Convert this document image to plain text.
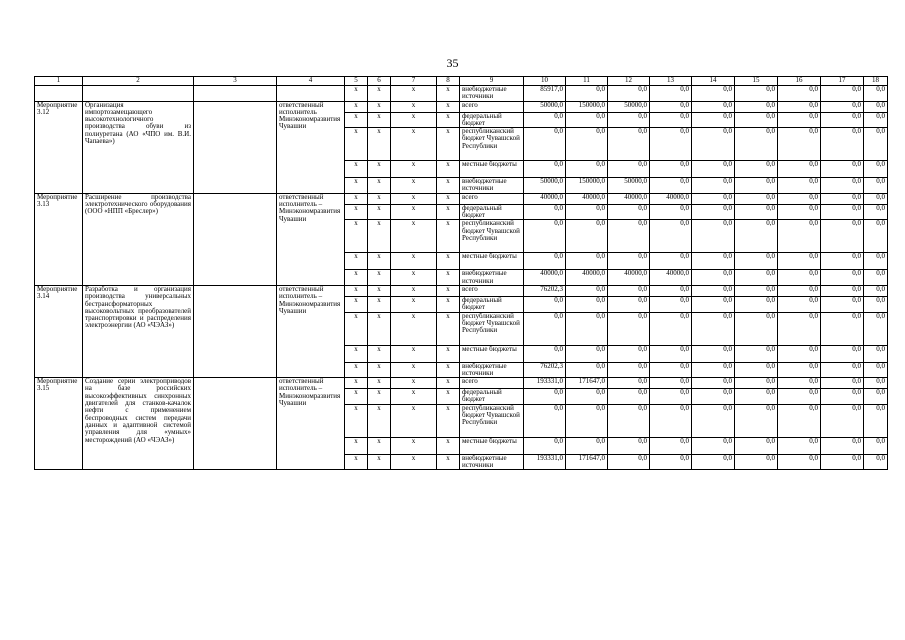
35
1	2	3	4	5	6	7	8	9	10	11	12	13	14	15	16	17	18
				x	x	x	x	внебюджетные источники	85917,0	0,0	0,0	0,0	0,0	0,0	0,0	0,0	0,0
Мероприятие 3.12	Организация импортозамещающего высокотехнологичного производства обуви из полиуретана (АО «ЧПО им. В.И. Чапаева»)		ответственный исполнитель Минэкономразвития Чувашии	x	x	x	x	всего	50000,0	150000,0	50000,0	0,0	0,0	0,0	0,0	0,0	0,0
				x	x	x	x	федеральный бюджет	0,0	0,0	0,0	0,0	0,0	0,0	0,0	0,0	0,0
				x	x	x	x	республиканский бюджет Чувашской Республики	0,0	0,0	0,0	0,0	0,0	0,0	0,0	0,0	0,0
				x	x	x	x	местные бюджеты	0,0	0,0	0,0	0,0	0,0	0,0	0,0	0,0	0,0
				x	x	x	x	внебюджетные источники	50000,0	150000,0	50000,0	0,0	0,0	0,0	0,0	0,0	0,0
Мероприятие 3.13	Расширение производства электротехнического оборудования (ООО «НПП «Бреслер»)		ответственный исполнитель – Минэкономразвития Чувашии	x	x	x	x	всего	40000,0	40000,0	40000,0	40000,0	0,0	0,0	0,0	0,0	0,0
				x	x	x	x	федеральный бюджет	0,0	0,0	0,0	0,0	0,0	0,0	0,0	0,0	0,0
				x	x	x	x	республиканский бюджет Чувашской Республики	0,0	0,0	0,0	0,0	0,0	0,0	0,0	0,0	0,0
				x	x	x	x	местные бюджеты	0,0	0,0	0,0	0,0	0,0	0,0	0,0	0,0	0,0
				x	x	x	x	внебюджетные источники	40000,0	40000,0	40000,0	40000,0	0,0	0,0	0,0	0,0	0,0
Мероприятие 3.14	Разработка и организация производства универсальных бестрансформаторных высоковольтных преобразователей транспортировки и распределения электроэнергии (АО «ЧЭАЗ»)		ответственный исполнитель – Минэкономразвития Чувашии	x	x	x	x	всего	76202,3	0,0	0,0	0,0	0,0	0,0	0,0	0,0	0,0
				x	x	x	x	федеральный бюджет	0,0	0,0	0,0	0,0	0,0	0,0	0,0	0,0	0,0
				x	x	x	x	республиканский бюджет Чувашской Республики	0,0	0,0	0,0	0,0	0,0	0,0	0,0	0,0	0,0
				x	x	x	x	местные бюджеты	0,0	0,0	0,0	0,0	0,0	0,0	0,0	0,0	0,0
				x	x	x	x	внебюджетные источники	76202,3	0,0	0,0	0,0	0,0	0,0	0,0	0,0	0,0
Мероприятие 3.15	Создание серии электроприводов на базе российских высокоэффективных синхронных двигателей для станков-качалок нефти с применением беспроводных систем передачи данных и адаптивной системой управления для «умных» месторождений (АО «ЧЭАЗ»)		ответственный исполнитель – Минэкономразвития Чувашии	x	x	x	x	всего	193331,0	171647,0	0,0	0,0	0,0	0,0	0,0	0,0	0,0
				x	x	x	x	федеральный бюджет	0,0	0,0	0,0	0,0	0,0	0,0	0,0	0,0	0,0
				x	x	x	x	республиканский бюджет Чувашской Республики	0,0	0,0	0,0	0,0	0,0	0,0	0,0	0,0	0,0
				x	x	x	x	местные бюджеты	0,0	0,0	0,0	0,0	0,0	0,0	0,0	0,0	0,0
				x	x	x	x	внебюджетные источники	193331,0	171647,0	0,0	0,0	0,0	0,0	0,0	0,0	0,0
